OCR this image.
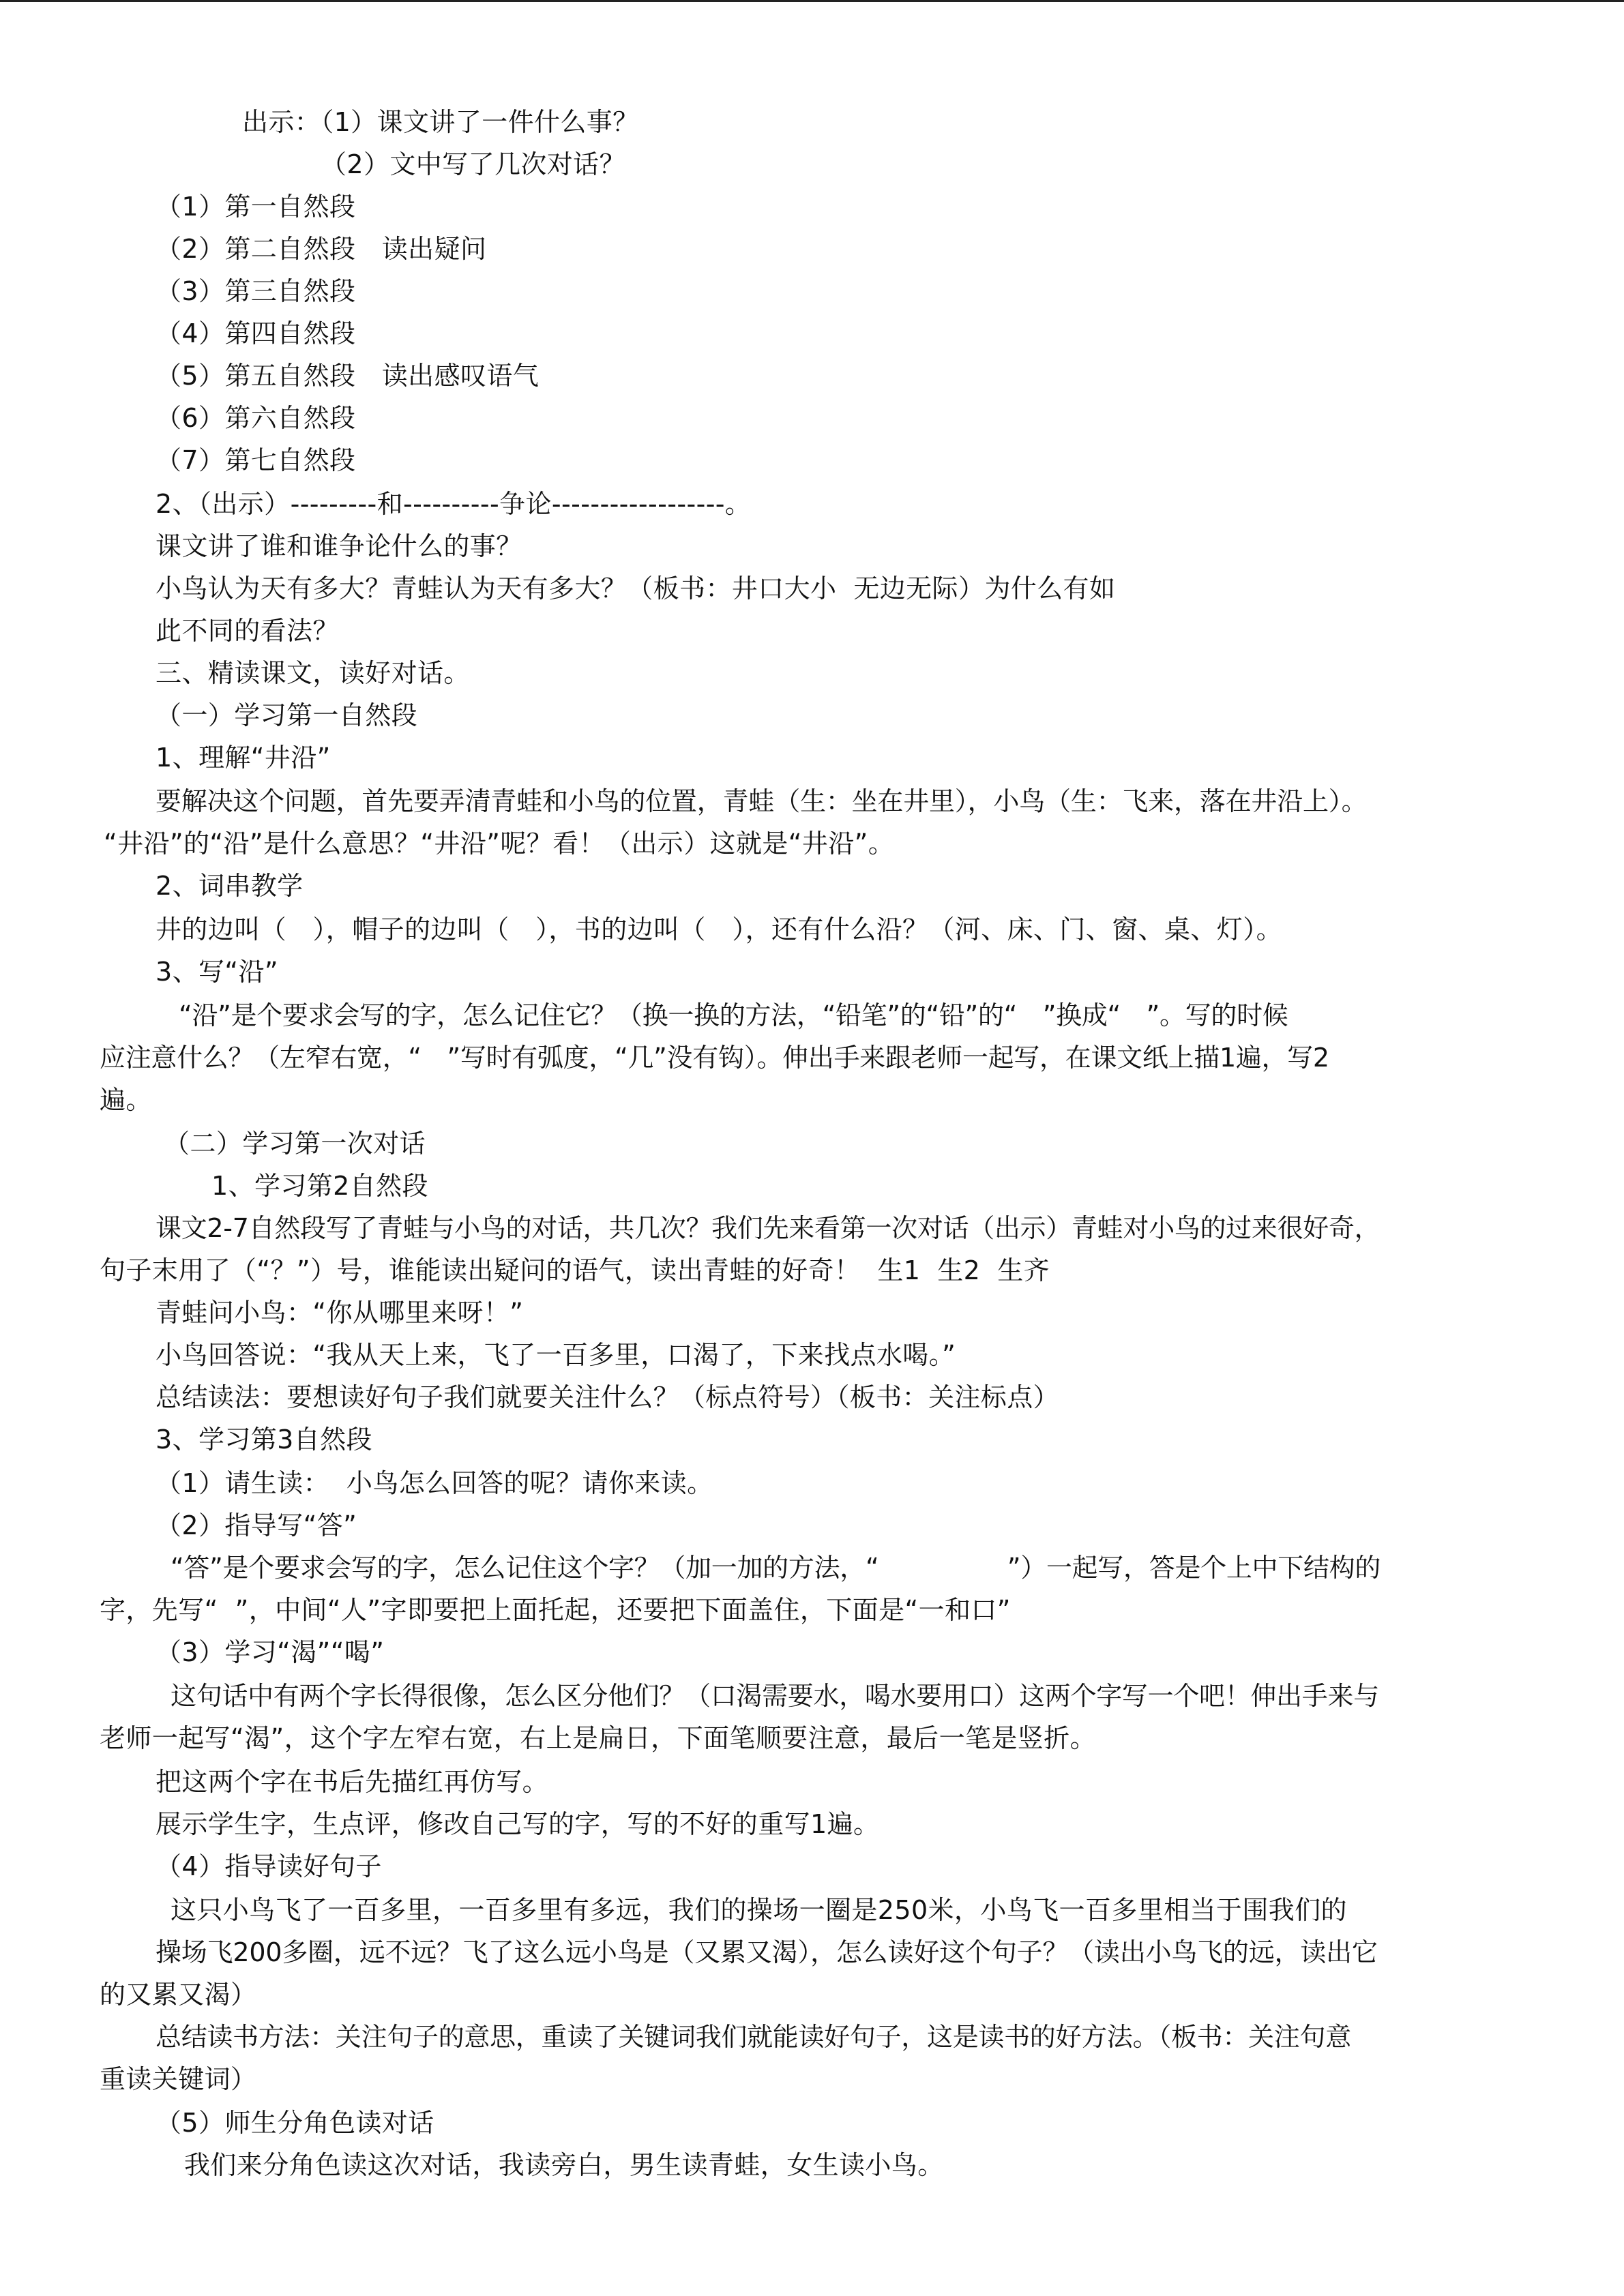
出示：（1）课文讲了一件什么事？
（2）文中写了几次对话？
（1）第一自然段
（2）第二自然段　读出疑问
（3）第三自然段
（4）第四自然段
（5）第五自然段　读出感叹语气
（6）第六自然段
（7）第七自然段
2、（出示）---------和----------争论------------------。
课文讲了谁和谁争论什么的事？
小鸟认为天有多大？青蛙认为天有多大？（板书：井口大小  无边无际）为什么有如
此不同的看法？
三、精读课文，读好对话。
（一）学习第一自然段
1、理解“井沿”
要解决这个问题，首先要弄清青蛙和小鸟的位置，青蛙（生：坐在井里），小鸟（生：飞来，落在井沿上）。
“井沿”的“沿”是什么意思？“井沿”呢？看！（出示）这就是“井沿”。
2、词串教学
井的边叫（　），帽子的边叫（　），书的边叫（　），还有什么沿？（河、床、门、窗、桌、灯）。
3、写“沿”
“沿”是个要求会写的字，怎么记住它？（换一换的方法，“铅笔”的“铅”的“　”换成“　”。写的时候
应注意什么？（左窄右宽，“　”写时有弧度，“几”没有钩）。伸出手来跟老师一起写，在课文纸上描1遍，写2
遍。
（二）学习第一次对话
1、学习第2自然段
课文2-7自然段写了青蛙与小鸟的对话，共几次？我们先来看第一次对话（出示）青蛙对小鸟的过来很好奇，
句子末用了（“？”）号，谁能读出疑问的语气，读出青蛙的好奇！  生1  生2  生齐
青蛙问小鸟：“你从哪里来呀！”
小鸟回答说：“我从天上来，飞了一百多里，口渴了，下来找点水喝。”
总结读法：要想读好句子我们就要关注什么？（标点符号）（板书：关注标点）
3、学习第3自然段
（1）请生读：  小鸟怎么回答的呢？请你来读。
（2）指导写“答”
“答”是个要求会写的字，怎么记住这个字？（加一加的方法，“　　　　　”）一起写，答是个上中下结构的
字，先写“  ”，中间“人”字即要把上面托起，还要把下面盖住，下面是“一和口”
（3）学习“渴”“喝”
这句话中有两个字长得很像，怎么区分他们？（口渴需要水，喝水要用口）这两个字写一个吧！伸出手来与
老师一起写“渴”，这个字左窄右宽，右上是扁日，下面笔顺要注意，最后一笔是竖折。
把这两个字在书后先描红再仿写。
展示学生字，生点评，修改自己写的字，写的不好的重写1遍。
（4）指导读好句子
这只小鸟飞了一百多里，一百多里有多远，我们的操场一圈是250米，小鸟飞一百多里相当于围我们的
操场飞200多圈，远不远？飞了这么远小鸟是（又累又渴），怎么读好这个句子？（读出小鸟飞的远，读出它
的又累又渴）
总结读书方法：关注句子的意思，重读了关键词我们就能读好句子，这是读书的好方法。（板书：关注句意
重读关键词）
（5）师生分角色读对话
我们来分角色读这次对话，我读旁白，男生读青蛙，女生读小鸟。
